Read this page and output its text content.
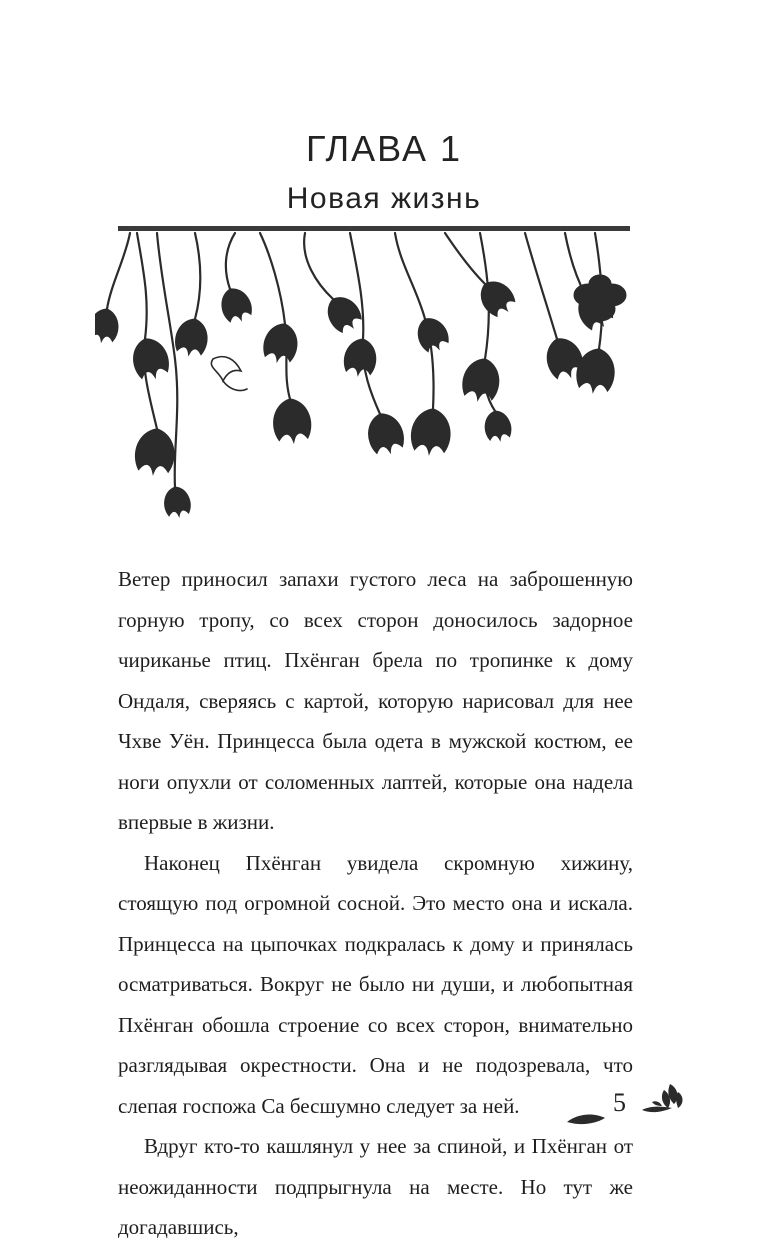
ГЛАВА 1
Новая жизнь

Ветер приносил запахи густого леса на заброшенную горную тропу, со всех сторон доносилось задорное чириканье птиц. Пхёнган брела по тропинке к дому Ондаля, сверяясь с картой, которую нарисовал для нее Чхве Уён. Принцесса была одета в мужской костюм, ее ноги опухли от соломенных лаптей, которые она надела впервые в жизни.

Наконец Пхёнган увидела скромную хижину, стоящую под огромной сосной. Это место она и искала. Принцесса на цыпочках подкралась к дому и принялась осматриваться. Вокруг не было ни души, и любопытная Пхёнган обошла строение со всех сторон, внимательно разглядывая окрестности. Она и не подозревала, что слепая госпожа Са бесшумно следует за ней.

Вдруг кто-то кашлянул у нее за спиной, и Пхёнган от неожиданности подпрыгнула на месте. Но тут же догадавшись,

5
